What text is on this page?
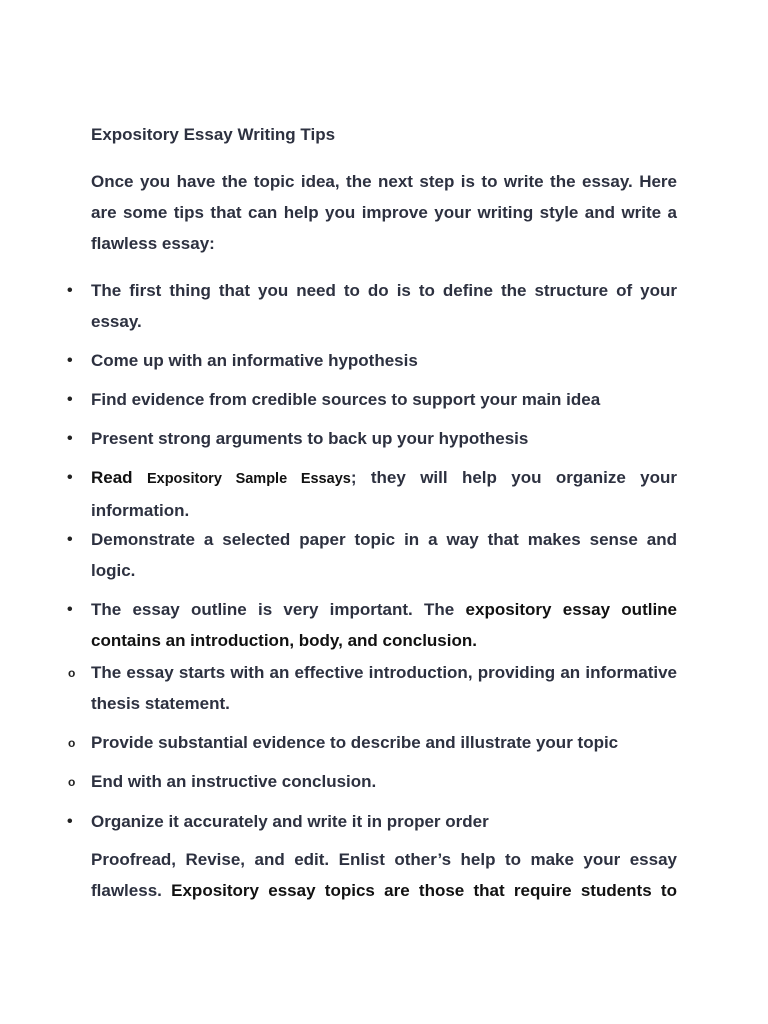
Expository Essay Writing Tips
Once you have the topic idea, the next step is to write the essay. Here are some tips that can help you improve your writing style and write a flawless essay:
• The first thing that you need to do is to define the structure of your essay.
• Come up with an informative hypothesis
• Find evidence from credible sources to support your main idea
• Present strong arguments to back up your hypothesis
• Read Expository Sample Essays; they will help you organize your information.
• Demonstrate a selected paper topic in a way that makes sense and logic.
• The essay outline is very important. The expository essay outline contains an introduction, body, and conclusion.
o The essay starts with an effective introduction, providing an informative thesis statement.
o Provide substantial evidence to describe and illustrate your topic
o End with an instructive conclusion.
• Organize it accurately and write it in proper order
Proofread, Revise, and edit. Enlist other’s help to make your essay flawless. Expository essay topics are those that require students to
